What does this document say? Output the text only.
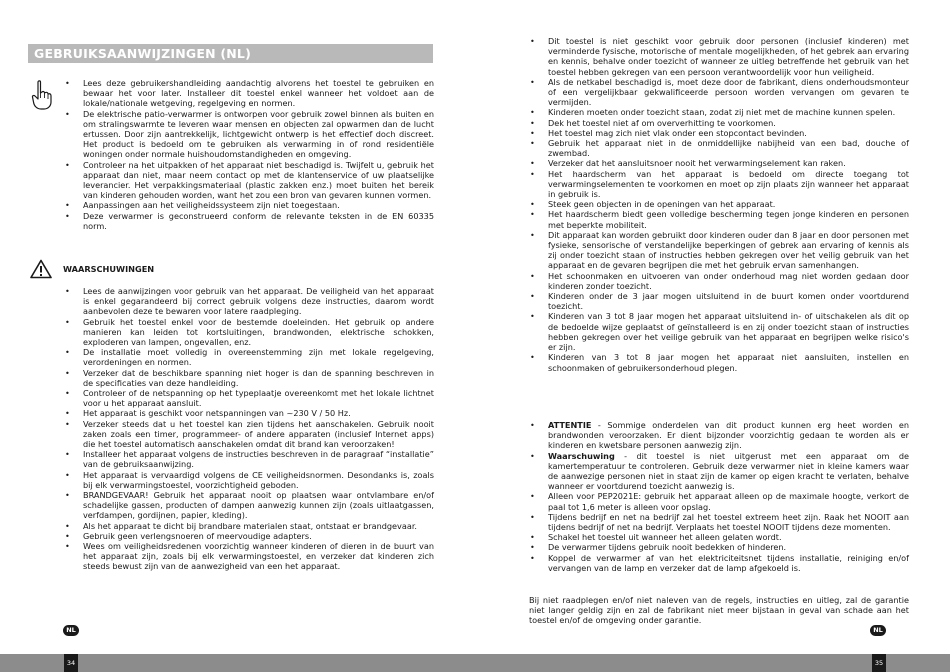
GEBRUIKSAANWIJZINGEN (NL)
• Lees deze gebruikershandleiding aandachtig alvorens het toestel te gebruiken en bewaar het voor later. Installeer dit toestel enkel wanneer het voldoet aan de lokale/nationale wetgeving, regelgeving en normen.
• De elektrische patio-verwarmer is ontworpen voor gebruik zowel binnen als buiten en om stralingswarmte te leveren waar mensen en objecten zal opwarmen dan de lucht ertussen. Door zijn aantrekkelijk, lichtgewicht ontwerp is het effectief doch discreet. Het product is bedoeld om te gebruiken als verwarming in of rond residentiële woningen onder normale huishoudomstandigheden en omgeving.
• Controleer na het uitpakken of het apparaat niet beschadigd is. Twijfelt u, gebruik het apparaat dan niet, maar neem contact op met de klantenservice of uw plaatselijke leverancier. Het verpakkingsmateriaal (plastic zakken enz.) moet buiten het bereik van kinderen gehouden worden, want het zou een bron van gevaren kunnen vormen.
• Aanpassingen aan het veiligheidssysteem zijn niet toegestaan.
• Deze verwarmer is geconstrueerd conform de relevante teksten in de EN 60335 norm.
WAARSCHUWINGEN
• Lees de aanwijzingen voor gebruik van het apparaat. De veiligheid van het apparaat is enkel gegarandeerd bij correct gebruik volgens deze instructies, daarom wordt aanbevolen deze te bewaren voor latere raadpleging.
• Gebruik het toestel enkel voor de bestemde doeleinden. Het gebruik op andere manieren kan leiden tot kortsluitingen, brandwonden, elektrische schokken, exploderen van lampen, ongevallen, enz.
• De installatie moet volledig in overeenstemming zijn met lokale regelgeving, verordeningen en normen.
• Verzeker dat de beschikbare spanning niet hoger is dan de spanning beschreven in de specificaties van deze handleiding.
• Controleer of de netspanning op het typeplaatje overeenkomt met het lokale lichtnet voor u het apparaat aansluit.
• Het apparaat is geschikt voor netspanningen van ~230 V / 50 Hz.
• Verzeker steeds dat u het toestel kan zien tijdens het aanschakelen. Gebruik nooit zaken zoals een timer, programmeer- of andere apparaten (inclusief Internet apps) die het toestel automatisch aanschakelen omdat dit brand kan veroorzaken!
• Installeer het apparaat volgens de instructies beschreven in de paragraaf “installatie” van de gebruiksaanwijzing.
• Het apparaat is vervaardigd volgens de CE veiligheidsnormen. Desondanks is, zoals bij elk verwarmingstoestel, voorzichtigheid geboden.
• BRANDGEVAAR! Gebruik het apparaat nooit op plaatsen waar ontvlambare en/of schadelijke gassen, producten of dampen aanwezig kunnen zijn (zoals uitlaatgassen, verfdampen, gordijnen, papier, kleding).
• Als het apparaat te dicht bij brandbare materialen staat, ontstaat er brandgevaar.
• Gebruik geen verlengsnoeren of meervoudige adapters.
• Wees om veiligheidsredenen voorzichtig wanneer kinderen of dieren in de buurt van het apparaat zijn, zoals bij elk verwarmingstoestel, en verzeker dat kinderen zich steeds bewust zijn van de aanwezigheid van een het apparaat.
NL
34
• Dit toestel is niet geschikt voor gebruik door personen (inclusief kinderen) met verminderde fysische, motorische of mentale mogelijkheden, of het gebrek aan ervaring en kennis, behalve onder toezicht of wanneer ze uitleg betreffende het gebruik van het toestel hebben gekregen van een persoon verantwoordelijk voor hun veiligheid.
• Als de netkabel beschadigd is, moet deze door de fabrikant, diens onderhoudsmonteur of een vergelijkbaar gekwalificeerde persoon worden vervangen om gevaren te vermijden.
• Kinderen moeten onder toezicht staan, zodat zij niet met de machine kunnen spelen.
• Dek het toestel niet af om oververhitting te voorkomen.
• Het toestel mag zich niet vlak onder een stopcontact bevinden.
• Gebruik het apparaat niet in de onmiddellijke nabijheid van een bad, douche of zwembad.
• Verzeker dat het aansluitsnoer nooit het verwarmingselement kan raken.
• Het haardscherm van het apparaat is bedoeld om directe toegang tot verwarmingselementen te voorkomen en moet op zijn plaats zijn wanneer het apparaat in gebruik is.
• Steek geen objecten in de openingen van het apparaat.
• Het haardscherm biedt geen volledige bescherming tegen jonge kinderen en personen met beperkte mobiliteit.
• Dit apparaat kan worden gebruikt door kinderen ouder dan 8 jaar en door personen met fysieke, sensorische of verstandelijke beperkingen of gebrek aan ervaring of kennis als zij onder toezicht staan of instructies hebben gekregen over het veilig gebruik van het apparaat en de gevaren begrijpen die met het gebruik ervan samenhangen.
• Het schoonmaken en uitvoeren van onder onderhoud mag niet worden gedaan door kinderen zonder toezicht.
• Kinderen onder de 3 jaar mogen uitsluitend in de buurt komen onder voortdurend toezicht.
• Kinderen van 3 tot 8 jaar mogen het apparaat uitsluitend in- of uitschakelen als dit op de bedoelde wijze geplaatst of geïnstalleerd is en zij onder toezicht staan of instructies hebben gekregen over het veilige gebruik van het apparaat en begrijpen welke risico's er zijn.
• Kinderen van 3 tot 8 jaar mogen het apparaat niet aansluiten, instellen en schoonmaken of gebruikersonderhoud plegen.
• ATTENTIE - Sommige onderdelen van dit product kunnen erg heet worden en brandwonden veroorzaken. Er dient bijzonder voorzichtig gedaan te worden als er kinderen en kwetsbare personen aanwezig zijn.
• Waarschuwing - dit toestel is niet uitgerust met een apparaat om de kamertemperatuur te controleren. Gebruik deze verwarmer niet in kleine kamers waar de aanwezige personen niet in staat zijn de kamer op eigen kracht te verlaten, behalve wanneer er voortdurend toezicht aanwezig is.
• Alleen voor PEP2021E: gebruik het apparaat alleen op de maximale hoogte, verkort de paal tot 1,6 meter is alleen voor opslag.
• Tijdens bedrijf en net na bedrijf zal het toestel extreem heet zijn. Raak het NOOIT aan tijdens bedrijf of net na bedrijf. Verplaats het toestel NOOIT tijdens deze momenten.
• Schakel het toestel uit wanneer het alleen gelaten wordt.
• De verwarmer tijdens gebruik nooit bedekken of hinderen.
• Koppel de verwarmer af van het elektriciteitsnet tijdens installatie, reiniging en/of vervangen van de lamp en verzeker dat de lamp afgekoeld is.
Bij niet raadplegen en/of niet naleven van de regels, instructies en uitleg, zal de garantie niet langer geldig zijn en zal de fabrikant niet meer bijstaan in geval van schade aan het toestel en/of de omgeving onder garantie.
NL
35
